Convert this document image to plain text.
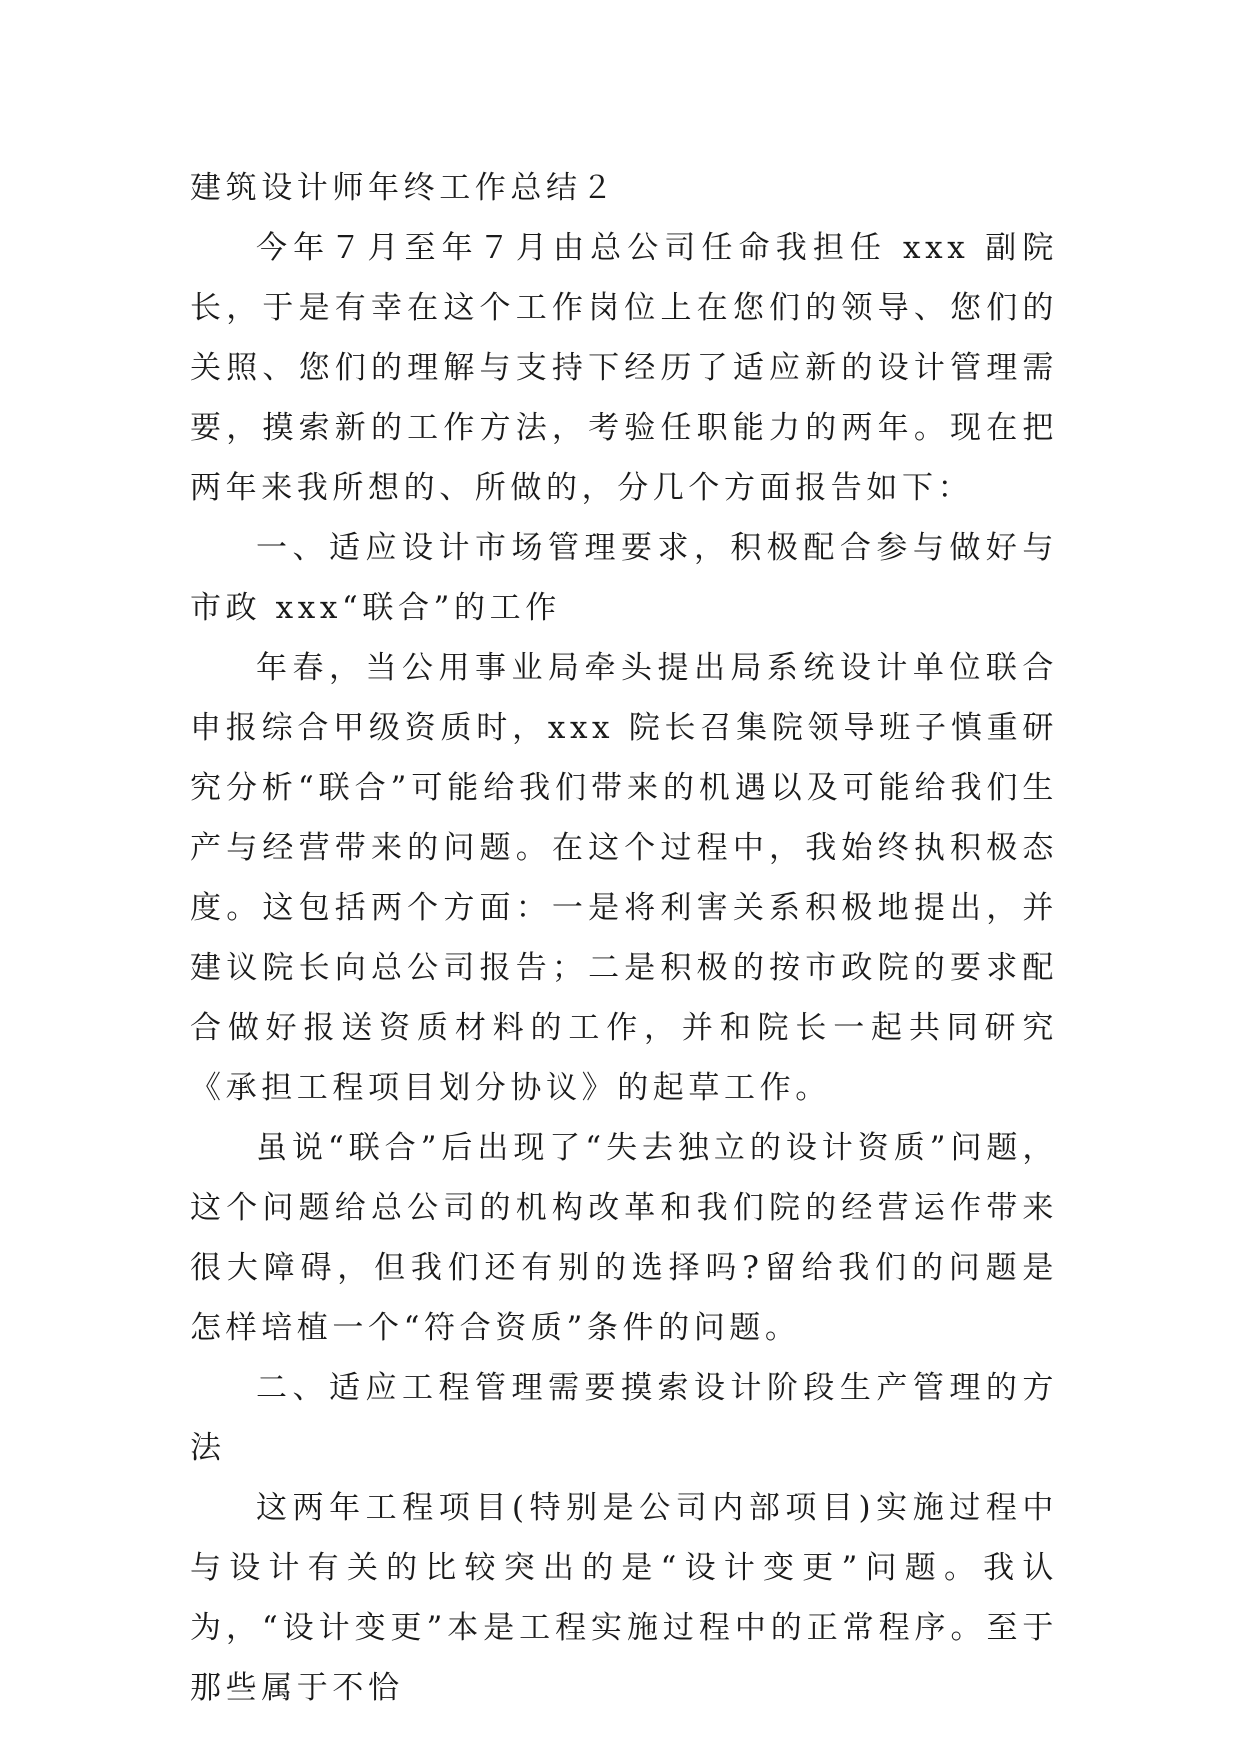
建筑设计师年终工作总结２

今年７月至年７月由总公司任命我担任 xxx 副院长，于是有幸在这个工作岗位上在您们的领导、您们的关照、您们的理解与支持下经历了适应新的设计管理需要，摸索新的工作方法，考验任职能力的两年。现在把两年来我所想的、所做的，分几个方面报告如下：

一、适应设计市场管理要求，积极配合参与做好与市政 xxx“联合”的工作

年春，当公用事业局牵头提出局系统设计单位联合申报综合甲级资质时，xxx 院长召集院领导班子慎重研究分析“联合”可能给我们带来的机遇以及可能给我们生产与经营带来的问题。在这个过程中，我始终执积极态度。这包括两个方面：一是将利害关系积极地提出，并建议院长向总公司报告；二是积极的按市政院的要求配合做好报送资质材料的工作，并和院长一起共同研究《承担工程项目划分协议》的起草工作。

虽说“联合”后出现了“失去独立的设计资质”问题，这个问题给总公司的机构改革和我们院的经营运作带来很大障碍，但我们还有别的选择吗?留给我们的问题是怎样培植一个“符合资质”条件的问题。

二、适应工程管理需要摸索设计阶段生产管理的方法

这两年工程项目(特别是公司内部项目)实施过程中与设计有关的比较突出的是“设计变更”问题。我认为，“设计变更”本是工程实施过程中的正常程序。至于那些属于不恰
